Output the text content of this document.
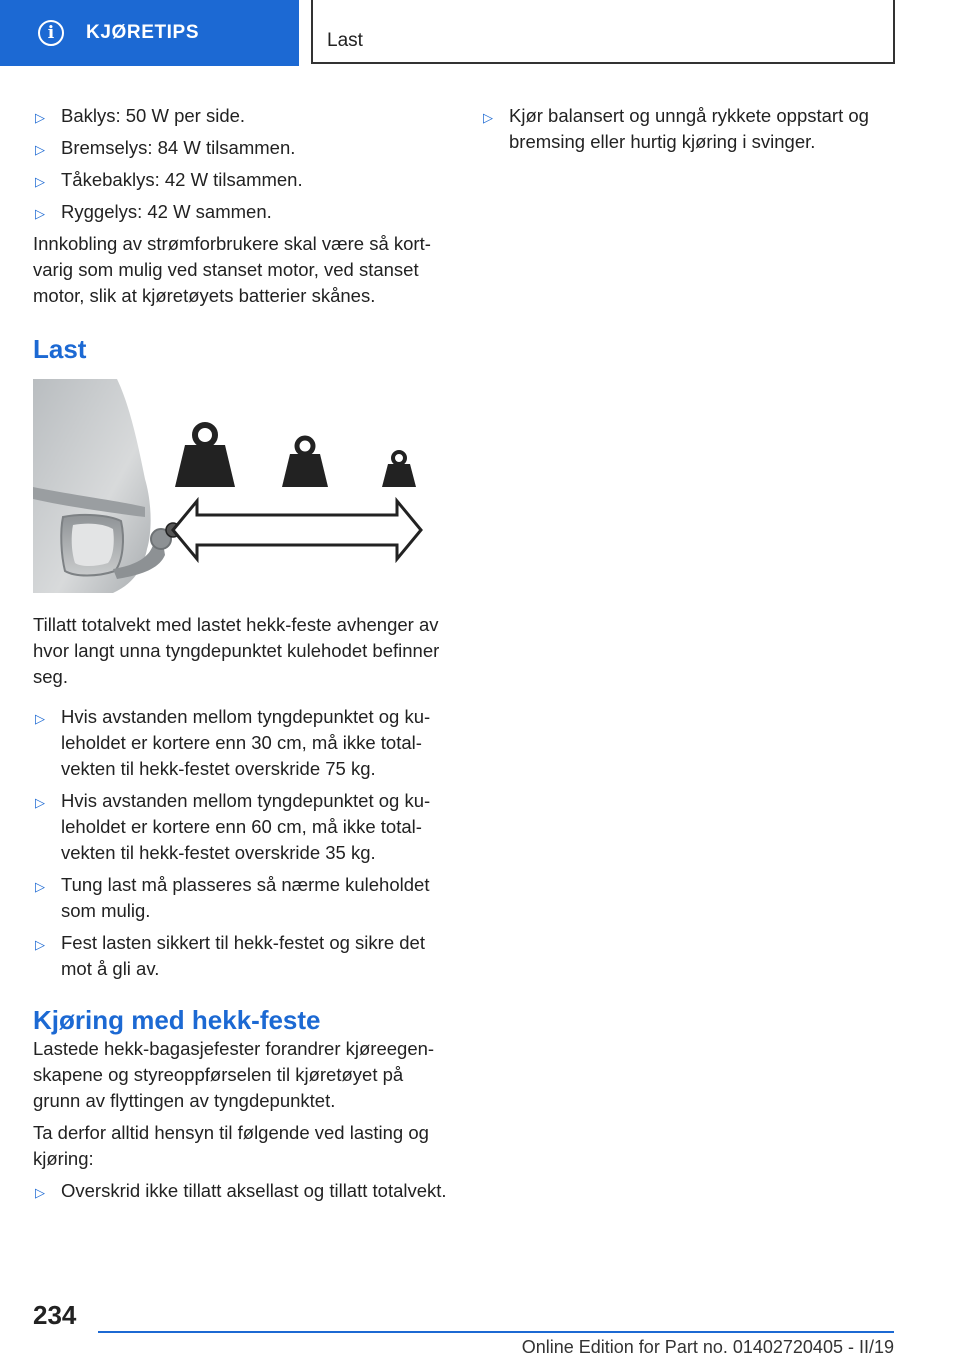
i	KJØRETIPS	Last
▷ Baklys: 50 W per side.
▷ Bremselys: 84 W tilsammen.
▷ Tåkebaklys: 42 W tilsammen.
▷ Ryggelys: 42 W sammen.

Innkobling av strømforbrukere skal være så kortvarig som mulig ved stanset motor, ved stanset motor, slik at kjøretøyets batterier skånes.

Last

Tillatt totalvekt med lastet hekk-feste avhenger av hvor langt unna tyngdepunktet kulehodet befinner seg.

▷ Hvis avstanden mellom tyngdepunktet og kuleholdet er kortere enn 30 cm, må ikke totalvekten til hekk-festet overskride 75 kg.
▷ Hvis avstanden mellom tyngdepunktet og kuleholdet er kortere enn 60 cm, må ikke totalvekten til hekk-festet overskride 35 kg.
▷ Tung last må plasseres så nærme kuleholdet som mulig.
▷ Fest lasten sikkert til hekk-festet og sikre det mot å gli av.
Kjøring med hekk-feste

Lastede hekk-bagasjefester forandrer kjøreegenskapene og styreoppførselen til kjøretøyet på grunn av flyttingen av tyngdepunktet.

Ta derfor alltid hensyn til følgende ved lasting og kjøring:

▷ Overskrid ikke tillatt aksellast og tillatt totalvekt.
▷ Kjør balansert og unngå rykkete oppstart og bremsing eller hurtig kjøring i svinger.
234
Online Edition for Part no. 01402720405 - II/19
